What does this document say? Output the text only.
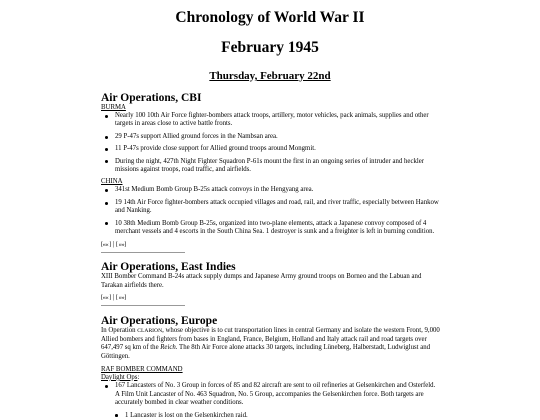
Chronology of World War II
February 1945
Thursday, February 22nd
Air Operations, CBI
BURMA
Nearly 100 10th Air Force fighter-bombers attack troops, artillery, motor vehicles, pack animals, supplies and other targets in areas close to active battle fronts.
29 P-47s support Allied ground forces in the Nambsan area.
11 P-47s provide close support for Allied ground troops around Mongmit.
During the night, 427th Night Fighter Squadron P-61s mount the first in an ongoing series of intruder and heckler missions against troops, road traffic, and airfields.
CHINA
341st Medium Bomb Group B-25s attack convoys in the Hengyang area.
19 14th Air Force fighter-bombers attack occupied villages and road, rail, and river traffic, especially between Hankow and Nanking.
10 38th Medium Bomb Group B-25s, organized into two-plane elements, attack a Japanese convoy composed of 4 merchant vessels and 4 escorts in the South China Sea. 1 destroyer is sunk and a freighter is left in burning condition.
[«« ] | [ »»]
Air Operations, East Indies

XIII Bomber Command B-24s attack supply dumps and Japanese Army ground troops on Borneo and the Labuan and Tarakan airfields there.

[«« ] | [ »»]
Air Operations, Europe

In Operation CLARION, whose objective is to cut transportation lines in central Germany and isolate the western Front, 9,000 Allied bombers and fighters from bases in England, France, Belgium, Holland and Italy attack rail and road targets over 647,497 sq km of the Reich. The 8th Air Force alone attacks 30 targets, including Lüneberg, Halberstadt, Ludwiglust and Göttingen.

RAF BOMBER COMMAND
Daylight Ops:
167 Lancasters of No. 3 Group in forces of 85 and 82 aircraft are sent to oil refineries at Gelsenkirchen and Osterfeld. A Film Unit Lancaster of No. 463 Squadron, No. 5 Group, accompanies the Gelsenkirchen force. Both targets are accurately bombed in clear weather conditions.
1 Lancaster is lost on the Gelsenkirchen raid.
